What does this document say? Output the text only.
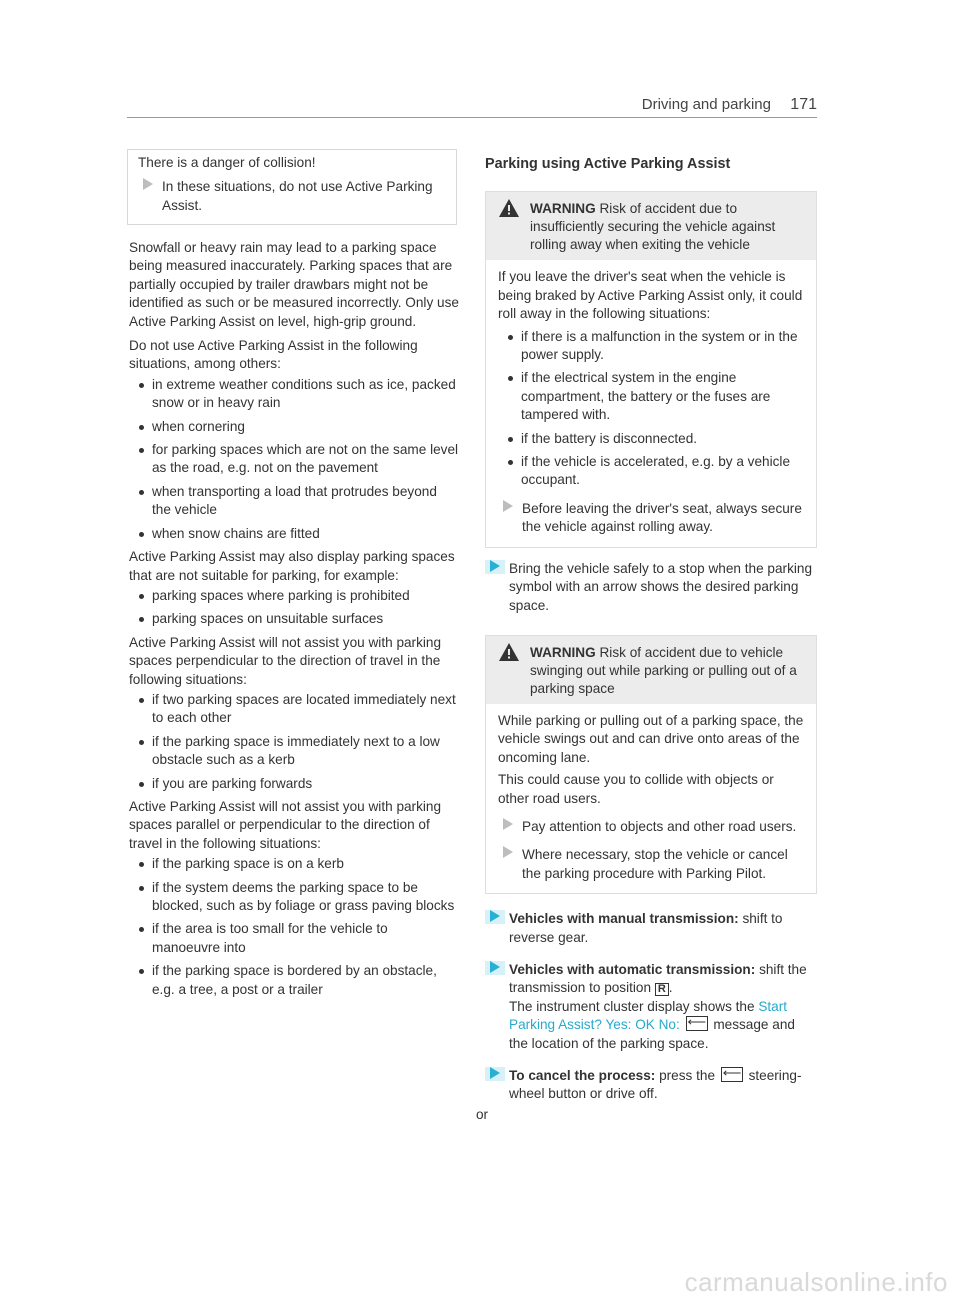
Driving and parking 171

There is a danger of collision!

In these situations, do not use Active Parking Assist.

Snowfall or heavy rain may lead to a parking space being measured inaccurately. Parking spaces that are partially occupied by trailer drawbars might not be identified as such or be measured incorrectly. Only use Active Parking Assist on level, high-grip ground.

Do not use Active Parking Assist in the following situations, among others:

in extreme weather conditions such as ice, packed snow or in heavy rain
when cornering
for parking spaces which are not on the same level as the road, e.g. not on the pavement
when transporting a load that protrudes beyond the vehicle
when snow chains are fitted

Active Parking Assist may also display parking spaces that are not suitable for parking, for example:

parking spaces where parking is prohibited
parking spaces on unsuitable surfaces

Active Parking Assist will not assist you with parking spaces perpendicular to the direction of travel in the following situations:

if two parking spaces are located immediately next to each other
if the parking space is immediately next to a low obstacle such as a kerb
if you are parking forwards

Active Parking Assist will not assist you with parking spaces parallel or perpendicular to the direction of travel in the following situations:

if the parking space is on a kerb
if the system deems the parking space to be blocked, such as by foliage or grass paving blocks
if the area is too small for the vehicle to manoeuvre into
if the parking space is bordered by an obstacle, e.g. a tree, a post or a trailer
Parking using Active Parking Assist
WARNING Risk of accident due to insufficiently securing the vehicle against rolling away when exiting the vehicle

If you leave the driver's seat when the vehicle is being braked by Active Parking Assist only, it could roll away in the following situations:

if there is a malfunction in the system or in the power supply.
if the electrical system in the engine compartment, the battery or the fuses are tampered with.
if the battery is disconnected.
if the vehicle is accelerated, e.g. by a vehicle occupant.
Before leaving the driver's seat, always secure the vehicle against rolling away.
Bring the vehicle safely to a stop when the parking symbol with an arrow shows the desired parking space.
WARNING Risk of accident due to vehicle swinging out while parking or pulling out of a parking space

While parking or pulling out of a parking space, the vehicle swings out and can drive onto areas of the oncoming lane.

This could cause you to collide with objects or other road users.

Pay attention to objects and other road users.
Where necessary, stop the vehicle or cancel the parking procedure with Parking Pilot.
Vehicles with manual transmission: shift to reverse gear.
Vehicles with automatic transmission: shift the transmission to position R .
The instrument cluster display shows the Start Parking Assist? Yes: OK No: ⟵ message and the location of the parking space.
To cancel the process: press the ⟵ steering-wheel button or drive off.

or

carmanualsonline.info
